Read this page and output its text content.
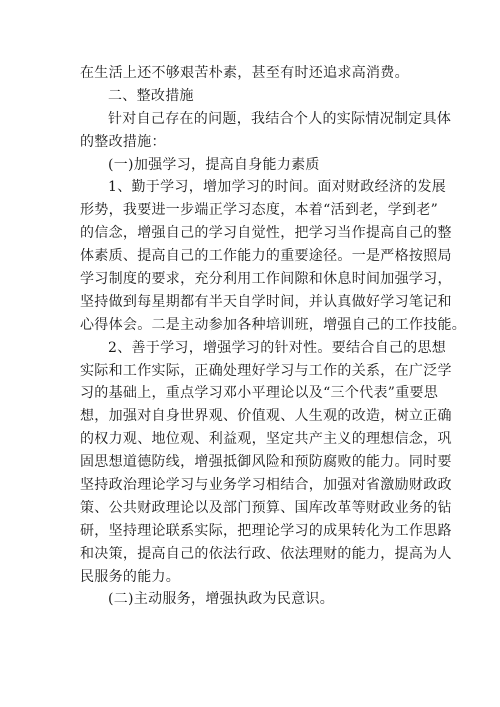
在生活上还不够艰苦朴素，甚至有时还追求高消费。
二、整改措施
针对自己存在的问题，我结合个人的实际情况制定具体
的整改措施：
(一)加强学习，提高自身能力素质
1、勤于学习，增加学习的时间。面对财政经济的发展
形势，我要进一步端正学习态度，本着“活到老，学到老”
的信念，增强自己的学习自觉性，把学习当作提高自己的整
体素质、提高自己的工作能力的重要途径。一是严格按照局
学习制度的要求，充分利用工作间隙和休息时间加强学习，
坚持做到每星期都有半天自学时间，并认真做好学习笔记和
心得体会。二是主动参加各种培训班，增强自己的工作技能。
2、善于学习，增强学习的针对性。要结合自己的思想
实际和工作实际，正确处理好学习与工作的关系，在广泛学
习的基础上，重点学习邓小平理论以及“三个代表”重要思
想，加强对自身世界观、价值观、人生观的改造，树立正确
的权力观、地位观、利益观，坚定共产主义的理想信念，巩
固思想道德防线，增强抵御风险和预防腐败的能力。同时要
坚持政治理论学习与业务学习相结合，加强对省激励财政政
策、公共财政理论以及部门预算、国库改革等财政业务的钻
研，坚持理论联系实际，把理论学习的成果转化为工作思路
和决策，提高自己的依法行政、依法理财的能力，提高为人
民服务的能力。
(二)主动服务，增强执政为民意识。
